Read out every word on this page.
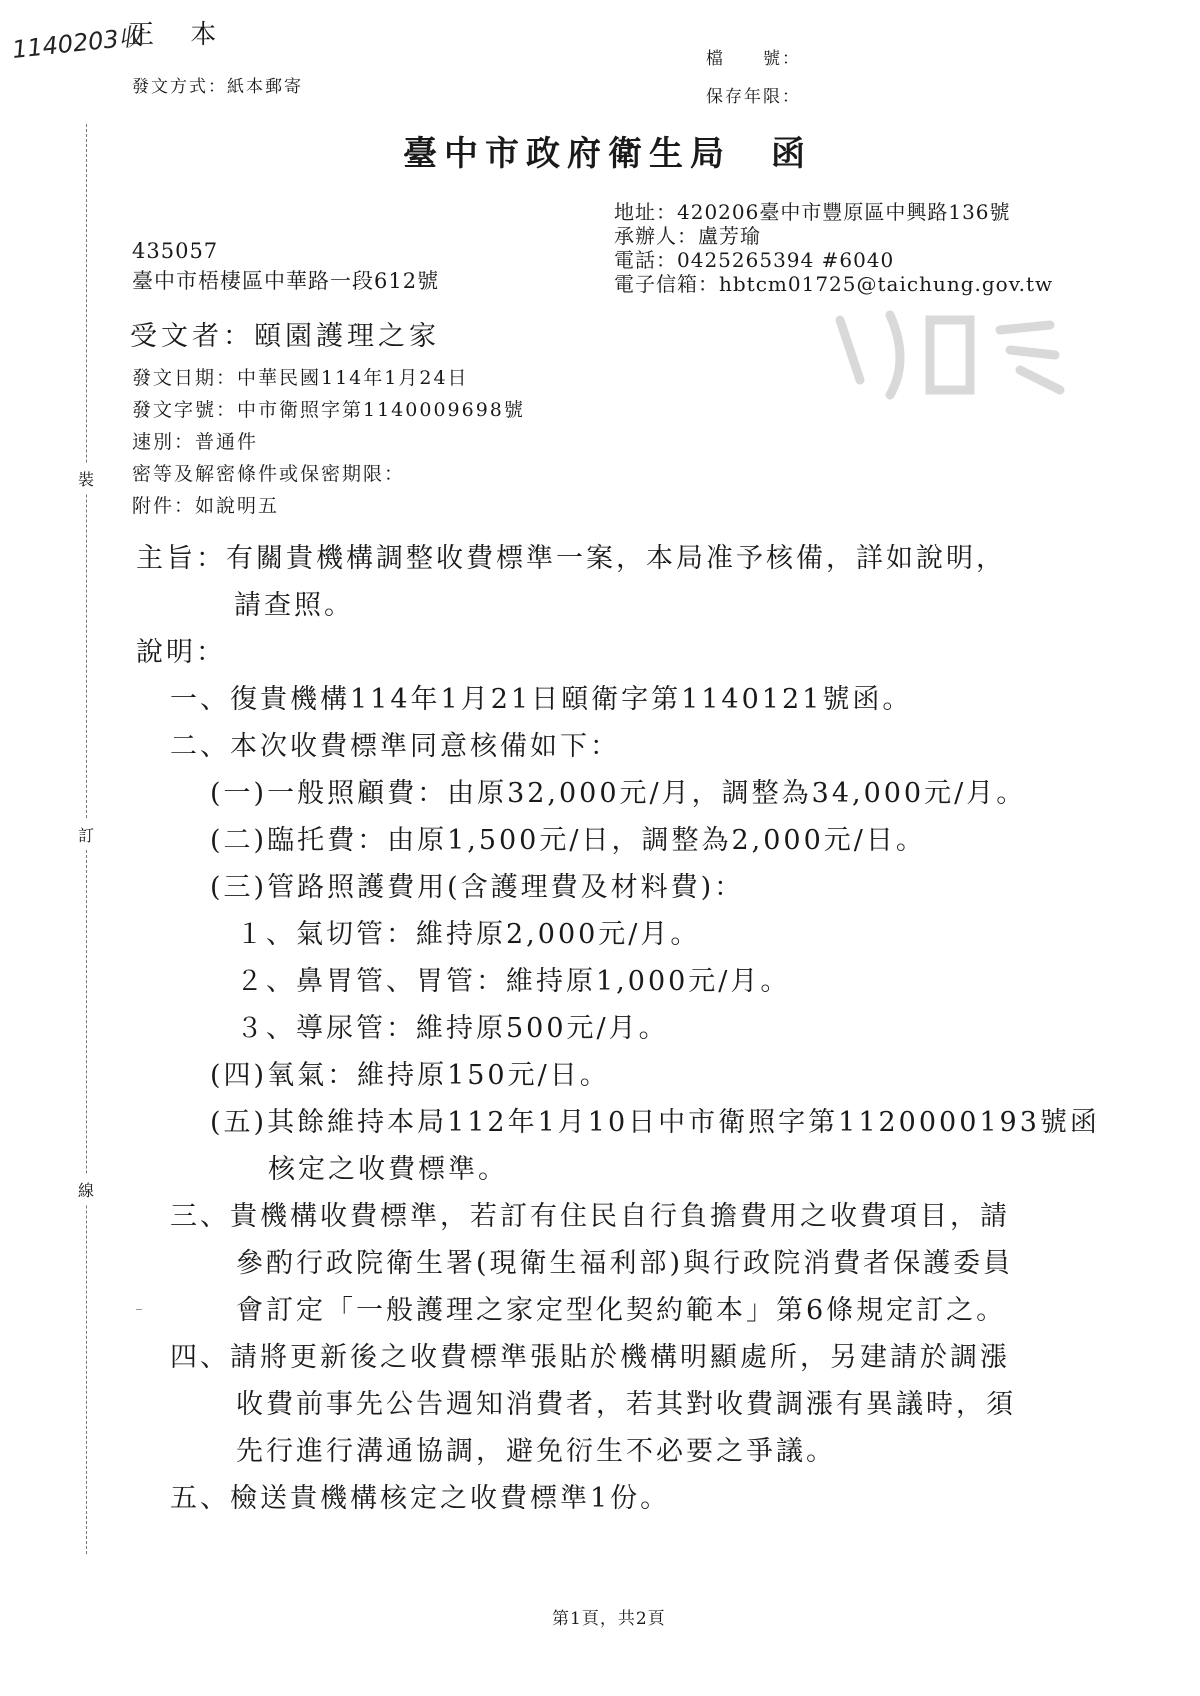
1140203收
正 本
發文方式：紙本郵寄
檔　　號：
保存年限：
臺中市政府衛生局 函
地址：420206臺中市豐原區中興路136號
承辦人：盧芳瑜
電話：0425265394 #6040
電子信箱：hbtcm01725@taichung.gov.tw
435057
臺中市梧棲區中華路一段612號
受文者：頤園護理之家
發文日期：中華民國114年1月24日
發文字號：中市衛照字第1140009698號
速別：普通件
密等及解密條件或保密期限：
附件：如說明五
裝
訂
線
主旨：有關貴機構調整收費標準一案，本局准予核備，詳如說明，
請查照。
說明：
一、復貴機構114年1月21日頤衛字第1140121號函。
二、本次收費標準同意核備如下：
(一)一般照顧費：由原32,000元/月，調整為34,000元/月。
(二)臨托費：由原1,500元/日，調整為2,000元/日。
(三)管路照護費用(含護理費及材料費)：
１、氣切管：維持原2,000元/月。
２、鼻胃管、胃管：維持原1,000元/月。
３、導尿管：維持原500元/月。
(四)氧氣：維持原150元/日。
(五)其餘維持本局112年1月10日中市衛照字第1120000193號函
核定之收費標準。
三、貴機構收費標準，若訂有住民自行負擔費用之收費項目，請
參酌行政院衛生署(現衛生福利部)與行政院消費者保護委員
會訂定「一般護理之家定型化契約範本」第6條規定訂之。
四、請將更新後之收費標準張貼於機構明顯處所，另建請於調漲
收費前事先公告週知消費者，若其對收費調漲有異議時，須
先行進行溝通協調，避免衍生不必要之爭議。
五、檢送貴機構核定之收費標準1份。
第1頁，共2頁
